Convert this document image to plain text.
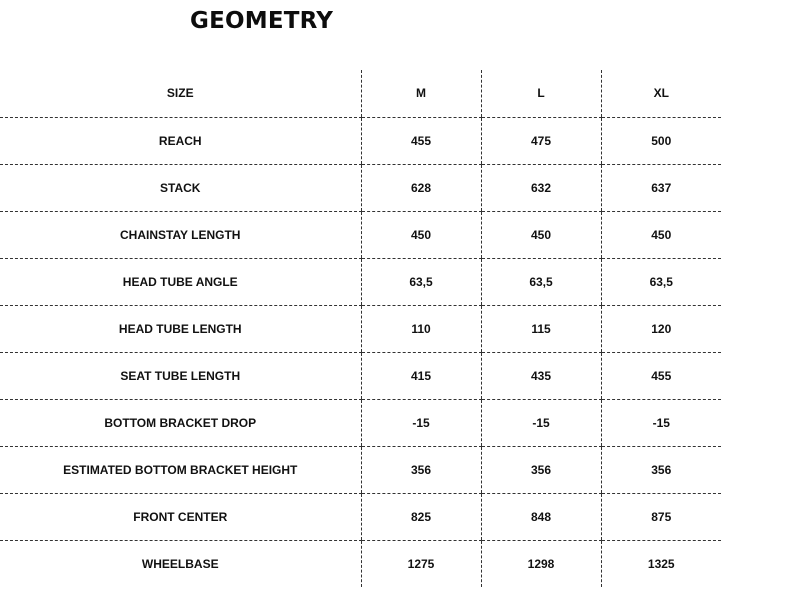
GEOMETRY
SIZE	M	L	XL
REACH	455	475	500
STACK	628	632	637
CHAINSTAY LENGTH	450	450	450
HEAD TUBE ANGLE	63,5	63,5	63,5
HEAD TUBE LENGTH	110	115	120
SEAT TUBE LENGTH	415	435	455
BOTTOM BRACKET DROP	-15	-15	-15
ESTIMATED BOTTOM BRACKET HEIGHT	356	356	356
FRONT CENTER	825	848	875
WHEELBASE	1275	1298	1325
